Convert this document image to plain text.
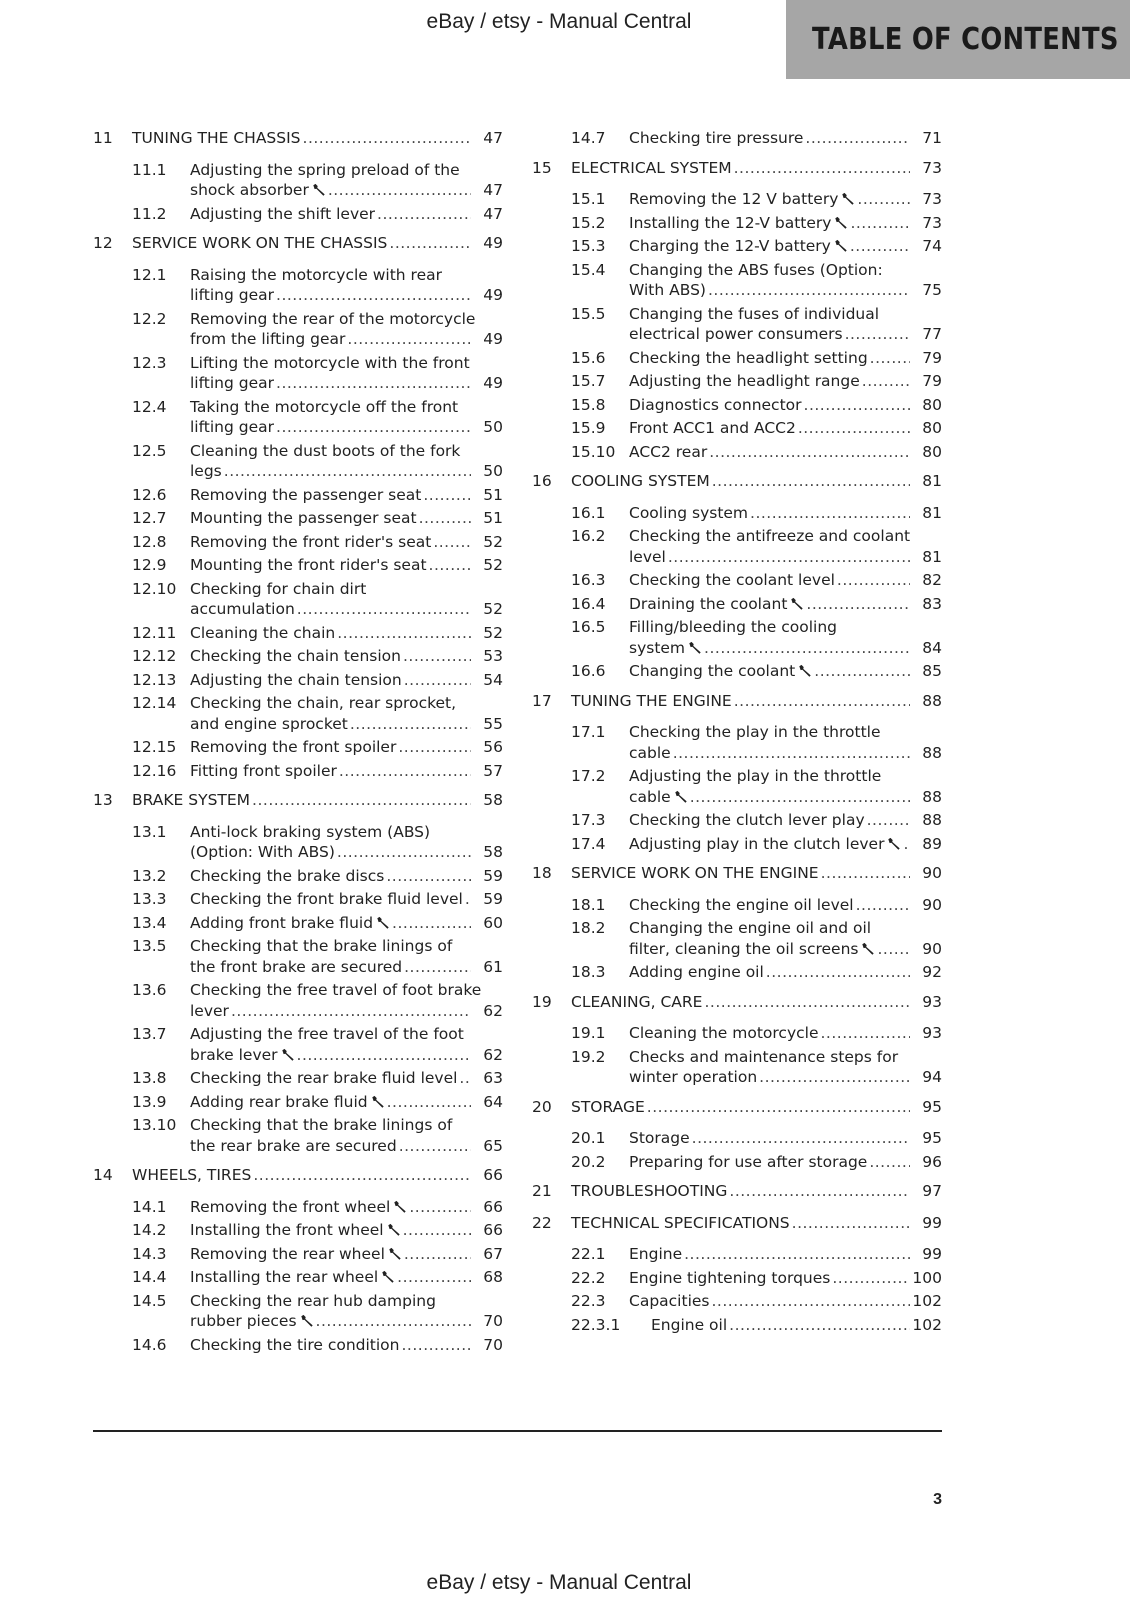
eBay / etsy - Manual Central
TABLE OF CONTENTS
11 TUNING THE CHASSIS .....	47
11.1 Adjusting the spring preload of the
shock absorber .....	47
11.2 Adjusting the shift lever .....	47
12 SERVICE WORK ON THE CHASSIS .....	49
12.1 Raising the motorcycle with rear
lifting gear .....	49
12.2 Removing the rear of the motorcycle
from the lifting gear .....	49
12.3 Lifting the motorcycle with the front
lifting gear .....	49
12.4 Taking the motorcycle off the front
lifting gear .....	50
12.5 Cleaning the dust boots of the fork
legs .....	50
12.6 Removing the passenger seat .....	51
12.7 Mounting the passenger seat .....	51
12.8 Removing the front rider's seat .....	52
12.9 Mounting the front rider's seat .....	52
12.10 Checking for chain dirt
accumulation .....	52
12.11 Cleaning the chain .....	52
12.12 Checking the chain tension .....	53
12.13 Adjusting the chain tension .....	54
12.14 Checking the chain, rear sprocket,
and engine sprocket .....	55
12.15 Removing the front spoiler .....	56
12.16 Fitting front spoiler .....	57
13 BRAKE SYSTEM .....	58
13.1 Anti-lock braking system (ABS)
(Option: With ABS) .....	58
13.2 Checking the brake discs .....	59
13.3 Checking the front brake fluid level .....	59
13.4 Adding front brake fluid .....	60
13.5 Checking that the brake linings of
the front brake are secured .....	61
13.6 Checking the free travel of foot brake
lever .....	62
13.7 Adjusting the free travel of the foot
brake lever .....	62
13.8 Checking the rear brake fluid level .....	63
13.9 Adding rear brake fluid .....	64
13.10 Checking that the brake linings of
the rear brake are secured .....	65
14 WHEELS, TIRES .....	66
14.1 Removing the front wheel .....	66
14.2 Installing the front wheel .....	66
14.3 Removing the rear wheel .....	67
14.4 Installing the rear wheel .....	68
14.5 Checking the rear hub damping
rubber pieces .....	70
14.6 Checking the tire condition .....	70
14.7 Checking tire pressure .....	71
15 ELECTRICAL SYSTEM .....	73
15.1 Removing the 12 V battery .....	73
15.2 Installing the 12-V battery .....	73
15.3 Charging the 12-V battery .....	74
15.4 Changing the ABS fuses (Option:
With ABS) .....	75
15.5 Changing the fuses of individual
electrical power consumers .....	77
15.6 Checking the headlight setting .....	79
15.7 Adjusting the headlight range .....	79
15.8 Diagnostics connector .....	80
15.9 Front ACC1 and ACC2 .....	80
15.10 ACC2 rear .....	80
16 COOLING SYSTEM .....	81
16.1 Cooling system .....	81
16.2 Checking the antifreeze and coolant
level .....	81
16.3 Checking the coolant level .....	82
16.4 Draining the coolant .....	83
16.5 Filling/bleeding the cooling
system .....	84
16.6 Changing the coolant .....	85
17 TUNING THE ENGINE .....	88
17.1 Checking the play in the throttle
cable .....	88
17.2 Adjusting the play in the throttle
cable .....	88
17.3 Checking the clutch lever play .....	88
17.4 Adjusting play in the clutch lever .....	89
18 SERVICE WORK ON THE ENGINE .....	90
18.1 Checking the engine oil level .....	90
18.2 Changing the engine oil and oil
filter, cleaning the oil screens .....	90
18.3 Adding engine oil .....	92
19 CLEANING, CARE .....	93
19.1 Cleaning the motorcycle .....	93
19.2 Checks and maintenance steps for
winter operation .....	94
20 STORAGE .....	95
20.1 Storage .....	95
20.2 Preparing for use after storage .....	96
21 TROUBLESHOOTING .....	97
22 TECHNICAL SPECIFICATIONS .....	99
22.1 Engine .....	99
22.2 Engine tightening torques .....	100
22.3 Capacities .....	102
22.3.1 Engine oil .....	102
3
eBay / etsy - Manual Central
